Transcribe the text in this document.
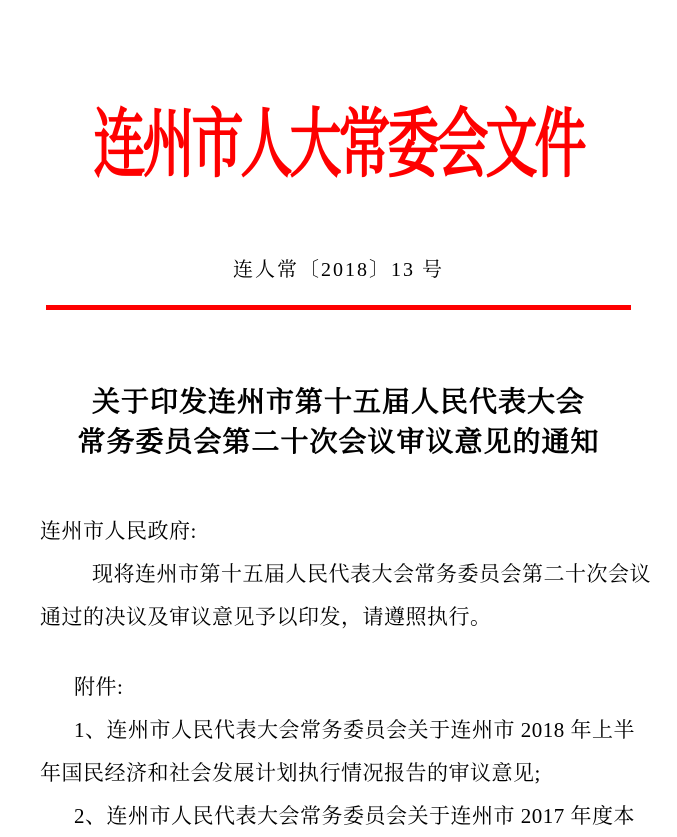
连州市人大常委会文件
连人常〔2018〕13 号
关于印发连州市第十五届人民代表大会
常务委员会第二十次会议审议意见的通知

连州市人民政府:

现将连州市第十五届人民代表大会常务委员会第二十次会议

通过的决议及审议意见予以印发，请遵照执行。

附件:

1、连州市人民代表大会常务委员会关于连州市 2018 年上半

年国民经济和社会发展计划执行情况报告的审议意见;

2、连州市人民代表大会常务委员会关于连州市 2017 年度本
